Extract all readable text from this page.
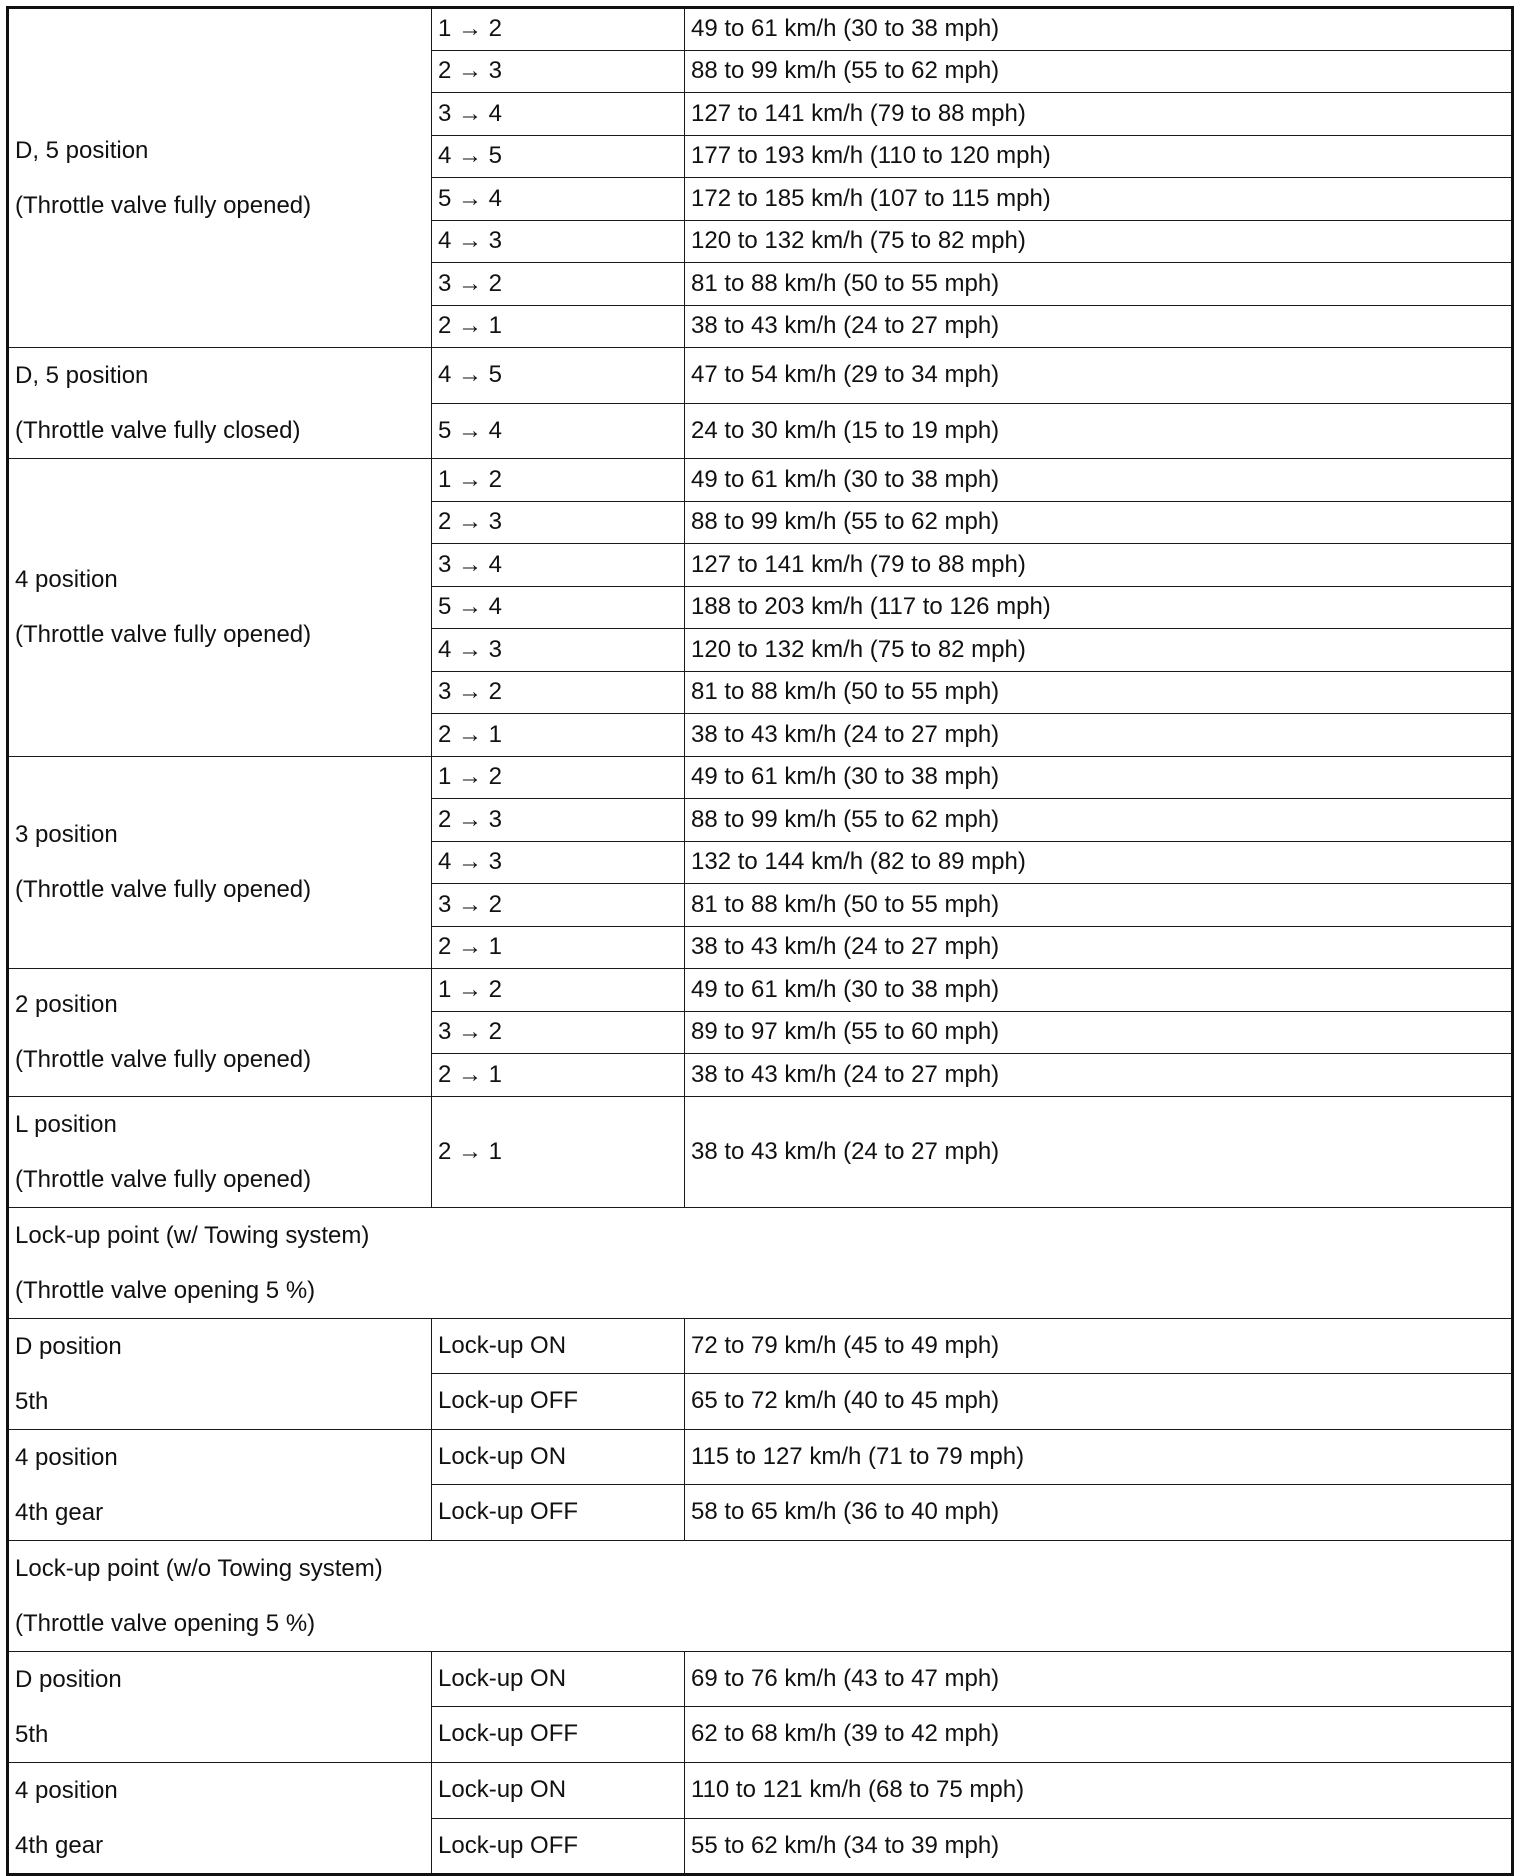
D, 5 position
(Throttle valve fully opened)	1 → 2	49 to 61 km/h (30 to 38 mph)
	2 → 3	88 to 99 km/h (55 to 62 mph)
	3 → 4	127 to 141 km/h (79 to 88 mph)
	4 → 5	177 to 193 km/h (110 to 120 mph)
	5 → 4	172 to 185 km/h (107 to 115 mph)
	4 → 3	120 to 132 km/h (75 to 82 mph)
	3 → 2	81 to 88 km/h (50 to 55 mph)
	2 → 1	38 to 43 km/h (24 to 27 mph)

D, 5 position
(Throttle valve fully closed)	4 → 5	47 to 54 km/h (29 to 34 mph)
	5 → 4	24 to 30 km/h (15 to 19 mph)

4 position
(Throttle valve fully opened)	1 → 2	49 to 61 km/h (30 to 38 mph)
	2 → 3	88 to 99 km/h (55 to 62 mph)
	3 → 4	127 to 141 km/h (79 to 88 mph)
	5 → 4	188 to 203 km/h (117 to 126 mph)
	4 → 3	120 to 132 km/h (75 to 82 mph)
	3 → 2	81 to 88 km/h (50 to 55 mph)
	2 → 1	38 to 43 km/h (24 to 27 mph)

3 position
(Throttle valve fully opened)	1 → 2	49 to 61 km/h (30 to 38 mph)
	2 → 3	88 to 99 km/h (55 to 62 mph)
	4 → 3	132 to 144 km/h (82 to 89 mph)
	3 → 2	81 to 88 km/h (50 to 55 mph)
	2 → 1	38 to 43 km/h (24 to 27 mph)

2 position
(Throttle valve fully opened)	1 → 2	49 to 61 km/h (30 to 38 mph)
	3 → 2	89 to 97 km/h (55 to 60 mph)
	2 → 1	38 to 43 km/h (24 to 27 mph)

L position
(Throttle valve fully opened)	2 → 1	38 to 43 km/h (24 to 27 mph)

Lock-up point (w/ Towing system)
(Throttle valve opening 5 %)		

D position
5th	Lock-up ON	72 to 79 km/h (45 to 49 mph)
	Lock-up OFF	65 to 72 km/h (40 to 45 mph)

4 position
4th gear	Lock-up ON	115 to 127 km/h (71 to 79 mph)
	Lock-up OFF	58 to 65 km/h (36 to 40 mph)

Lock-up point (w/o Towing system)
(Throttle valve opening 5 %)		

D position
5th	Lock-up ON	69 to 76 km/h (43 to 47 mph)
	Lock-up OFF	62 to 68 km/h (39 to 42 mph)

4 position
4th gear	Lock-up ON	110 to 121 km/h (68 to 75 mph)
	Lock-up OFF	55 to 62 km/h (34 to 39 mph)
